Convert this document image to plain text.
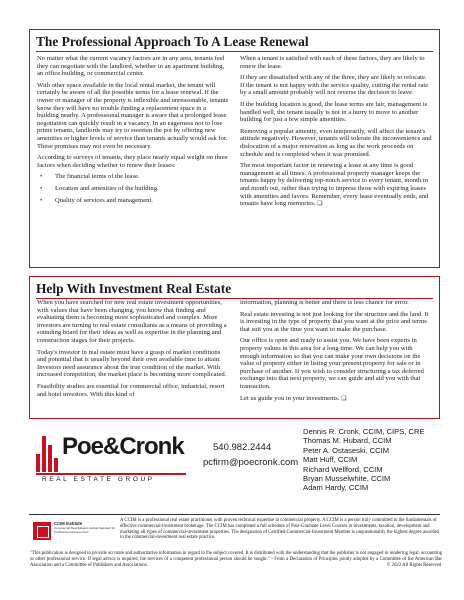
The Professional Approach To A Lease Renewal

No matter what the current vacancy factors are in any area, tenants feel they can negotiate with the landlord, whether in an apartment building, an office building, or commercial center.

With other space available in the local rental market, the tenant will certainly be aware of all the possible terms for a lease renewal. If the owner or manager of the property is inflexible and unreasonable, tenants know they will have no trouble finding a replacement space in a building nearby. A professional manager is aware that a prolonged lease negotiation can quickly result in a vacancy. In an eagerness not to lose prime tenants, landlords may try to sweeten the pot by offering new amenities or higher levels of service than tenants actually would ask for. These promises may not even be necessary.

According to surveys of tenants, they place nearly equal weight on three factors when deciding whether to renew their leases:

• The financial terms of the lease.
• Location and amenities of the building.
• Quality of services and management.

When a tenant is satisfied with each of these factors, they are likely to renew the lease.

If they are dissatisfied with any of the three, they are likely to relocate. If the tenant is not happy with the service quality, cutting the rental rate by a small amount probably will not reverse the decision to leave.

If the building location is good, the lease terms are fair, management is handled well, the tenant usually is not in a hurry to move to another building for just a few simple amenities.

Removing a popular amenity, even temporarily, will affect the tenant's attitude negatively. However, tenants will tolerate the inconvenience and dislocation of a major renovation as long as the work proceeds on schedule and is completed when it was promised.

The most important factor in renewing a lease at any time is good management at all times. A professional property manager keeps the tenants happy by delivering top-notch service to every tenant, month in and month out, rather than trying to impress those with expiring leases with amenities and favors. Remember, every lease eventually ends, and tenants have long memories. ❏

Help With Investment Real Estate

When you have searched for new real estate investment opportunities, with values that have been changing, you know that finding and evaluating them is becoming more sophisticated and complex. More investors are turning to real estate consultants as a means of providing a sounding board for their ideas as well as expertise in the planning and construction stages for their projects.

Today's investor in real estate must have a grasp of market conditions and potential that is usually beyond their own available time to attain. Investors need assurance about the true condition of the market. With increased competition, the market place is becoming more complicated.

Feasibility studies are essential for commercial office, industrial, resort and hotel investors. With this kind of

information, planning is better and there is less chance for error.

Real estate investing is not just looking for the structure and the land. It is investing in the type of property that you want at the price and terms that suit you at the time you want to make the purchase.

Our office is open and ready to assist you. We have been experts in property values in this area for a long time. We can help you with enough information so that you can make your own decisions on the value of property either in listing your present property for sale or in purchase of another. If you wish to consider structuring a tax deferred exchange into that next property, we can guide and aid you with that transaction.

Let us guide you in your investments. ❏

Poe&Cronk
REAL ESTATE GROUP
540.982.2444
pcfirm@poecronk.com
Dennis R. Cronk, CCIM, CIPS, CRE
Thomas M. Hubard, CCIM
Peter A. Ostaseski, CCIM
Matt Huff, CCIM
Richard Wellford, CCIM
Bryan Musselwhite, CCIM
Adam Hardy, CCIM
CCIM Institute
Commercial Real Estate's Global Standard for Professional Achievement
A CCIM is a professional real estate practitioner with proven technical expertise in commercial property. A CCIM is a person truly committed to the fundamentals of effective commercial-investment brokerage. The CCIM has completed a full schedule of Post-Graduate Level Courses in investments, taxation, development and marketing all types of commercial-investment properties. The designation of Certified Commercial-Investment Member is unquestionably the highest degree awarded in the commercial-investment real estate practice.
"This publication is designed to provide accurate and authoritative information in regard to the subject covered. It is distributed with the understanding that the publisher is not engaged in rendering legal, accounting or other professional service. If legal advice is required, the services of a competent professional person should be sought." - From a Declaration of Principles jointly adopted by a Committee of the American Bar Association and a Committee of Publishers and Associations.	© 2022 All Rights Reserved
